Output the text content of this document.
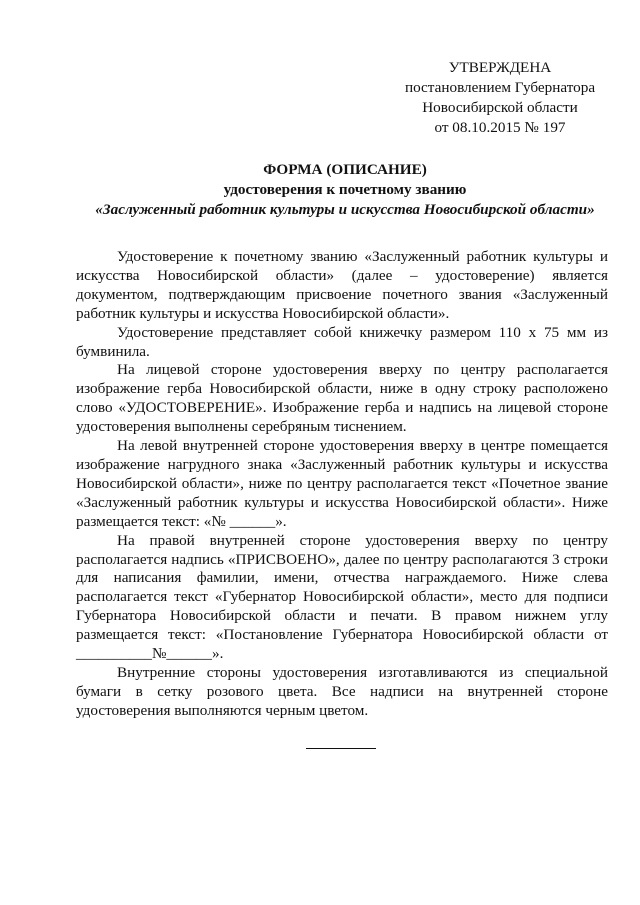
УТВЕРЖДЕНА
постановлением Губернатора
Новосибирской области
от 08.10.2015 № 197
ФОРМА (ОПИСАНИЕ)
удостоверения к почетному званию
«Заслуженный работник культуры и искусства Новосибирской области»

Удостоверение к почетному званию «Заслуженный работник культуры и искусства Новосибирской области» (далее – удостоверение) является документом, подтверждающим присвоение почетного звания «Заслуженный работник культуры и искусства Новосибирской области».

Удостоверение представляет собой книжечку размером 110 х 75 мм из бумвинила.

На лицевой стороне удостоверения вверху по центру располагается изображение герба Новосибирской области, ниже в одну строку расположено слово «УДОСТОВЕРЕНИЕ». Изображение герба и надпись на лицевой стороне удостоверения выполнены серебряным тиснением.

На левой внутренней стороне удостоверения вверху в центре помещается изображение нагрудного знака «Заслуженный работник культуры и искусства Новосибирской области», ниже по центру располагается текст «Почетное звание «Заслуженный работник культуры и искусства Новосибирской области». Ниже размещается текст: «№ ______».

На правой внутренней стороне удостоверения вверху по центру располагается надпись «ПРИСВОЕНО», далее по центру располагаются 3 строки для написания фамилии, имени, отчества награждаемого. Ниже слева располагается текст «Губернатор Новосибирской области», место для подписи Губернатора Новосибирской области и печати. В правом нижнем углу размещается текст: «Постановление Губернатора Новосибирской области от __________№______».

Внутренние стороны удостоверения изготавливаются из специальной бумаги в сетку розового цвета. Все надписи на внутренней стороне удостоверения выполняются черным цветом.
